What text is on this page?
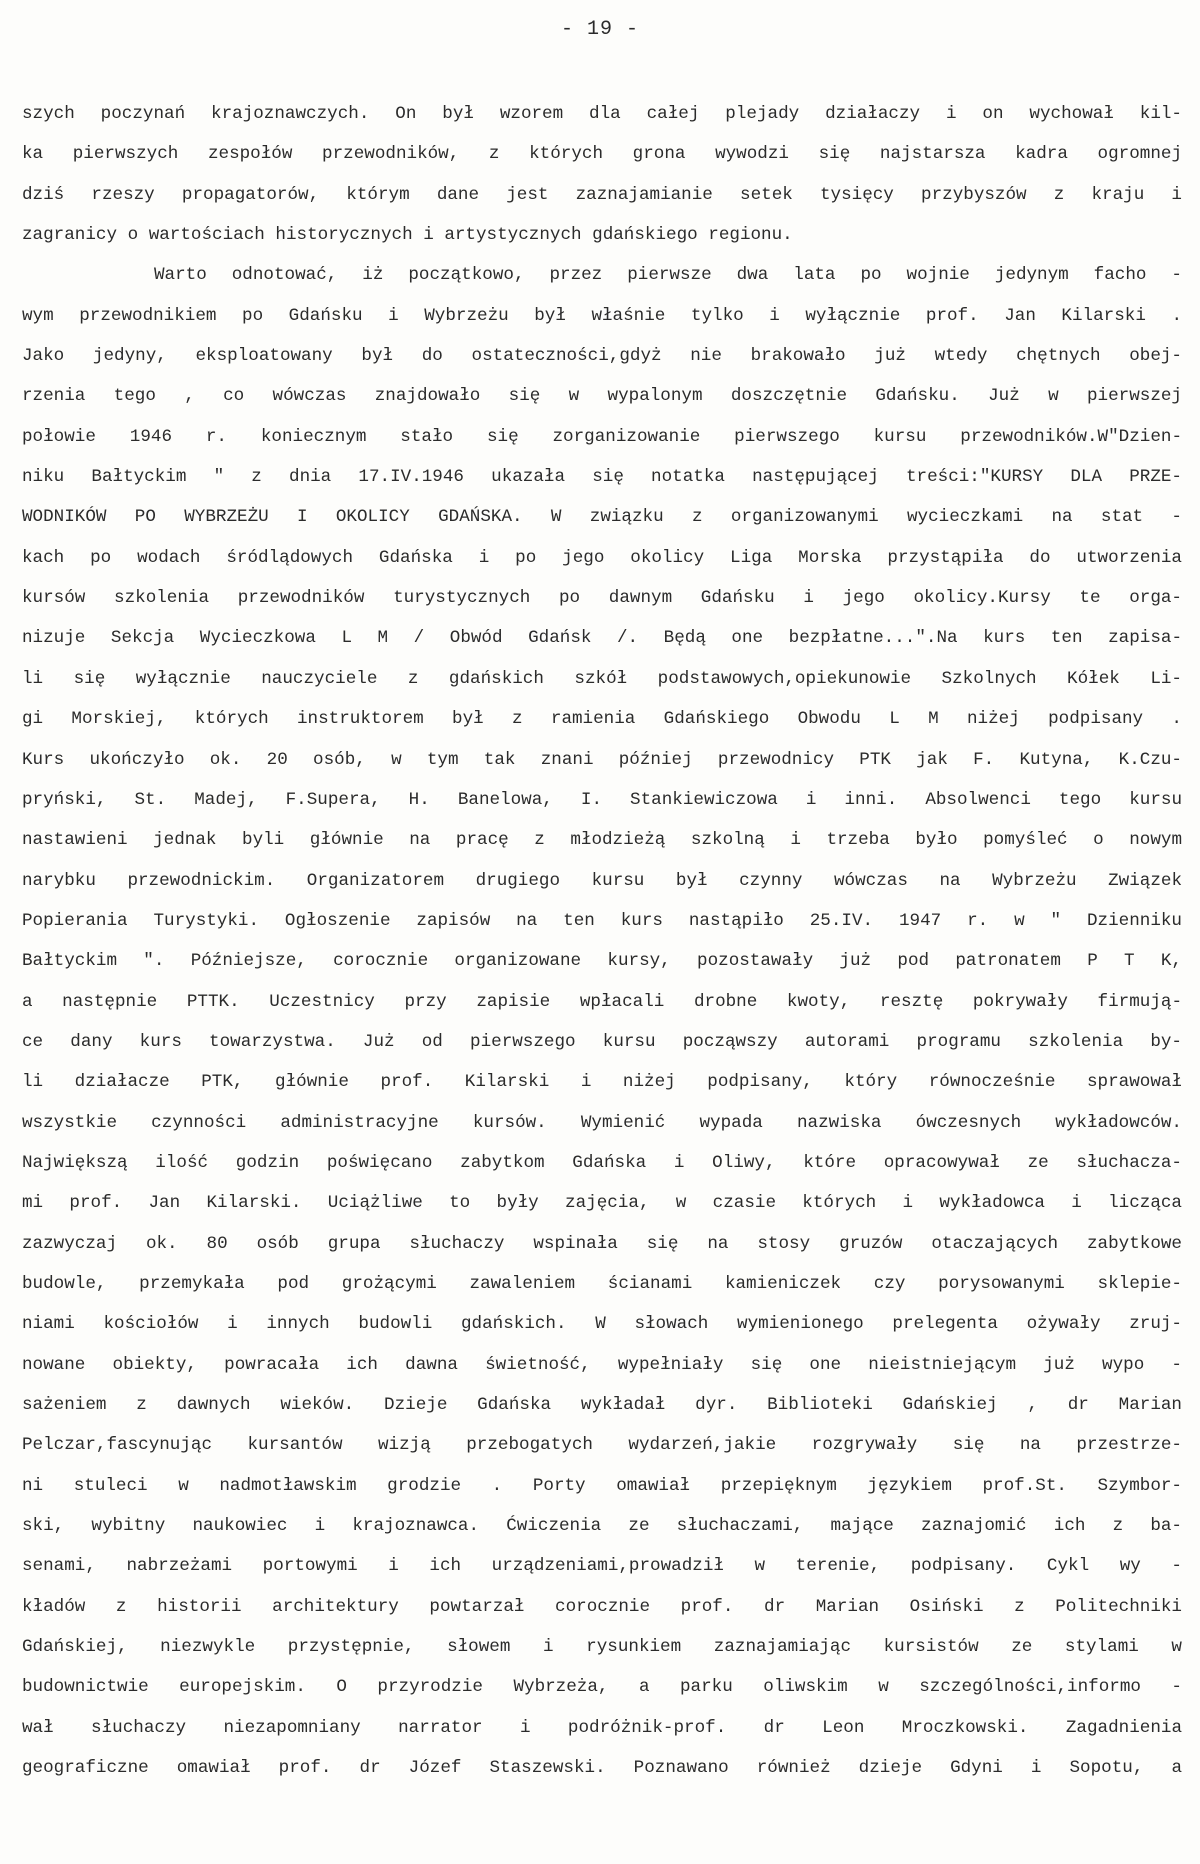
- 19 -
szych poczynań krajoznawczych. On był wzorem dla całej plejady działaczy i on wychował kil-
ka pierwszych zespołów przewodników, z których grona wywodzi się najstarsza kadra ogromnej
dziś rzeszy propagatorów, którym dane jest zaznajamianie setek tysięcy przybyszów z kraju i
zagranicy o wartościach historycznych i artystycznych gdańskiego regionu.
Warto odnotować, iż początkowo, przez pierwsze dwa lata po wojnie jedynym facho -
wym przewodnikiem po Gdańsku i Wybrzeżu był właśnie tylko i wyłącznie prof. Jan Kilarski .
Jako jedyny, eksploatowany był do ostateczności,gdyż nie brakowało już wtedy chętnych obej-
rzenia tego , co wówczas znajdowało się w wypalonym doszczętnie Gdańsku. Już w pierwszej
połowie 1946 r. koniecznym stało się zorganizowanie pierwszego kursu przewodników.W"Dzien-
niku Bałtyckim " z dnia 17.IV.1946 ukazała się notatka następującej treści:"KURSY DLA PRZE-
WODNIKÓW PO WYBRZEŻU I OKOLICY GDAŃSKA. W związku z organizowanymi wycieczkami na stat -
kach po wodach śródlądowych Gdańska i po jego okolicy Liga Morska przystąpiła do utworzenia
kursów szkolenia przewodników turystycznych po dawnym Gdańsku i jego okolicy.Kursy te orga-
nizuje Sekcja Wycieczkowa L M / Obwód Gdańsk /. Będą one bezpłatne...".Na kurs ten zapisa-
li się wyłącznie nauczyciele z gdańskich szkół podstawowych,opiekunowie Szkolnych Kółek Li-
gi Morskiej, których instruktorem był z ramienia Gdańskiego Obwodu L M niżej podpisany .
Kurs ukończyło ok. 20 osób, w tym tak znani później przewodnicy PTK jak F. Kutyna, K.Czu-
pryński, St. Madej, F.Supera, H. Banelowa, I. Stankiewiczowa i inni. Absolwenci tego kursu
nastawieni jednak byli głównie na pracę z młodzieżą szkolną i trzeba było pomyśleć o nowym
narybku przewodnickim. Organizatorem drugiego kursu był czynny wówczas na Wybrzeżu Związek
Popierania Turystyki. Ogłoszenie zapisów na ten kurs nastąpiło 25.IV. 1947 r. w " Dzienniku
Bałtyckim ". Późniejsze, corocznie organizowane kursy, pozostawały już pod patronatem P T K,
a następnie PTTK. Uczestnicy przy zapisie wpłacali drobne kwoty, resztę pokrywały firmują-
ce dany kurs towarzystwa. Już od pierwszego kursu począwszy autorami programu szkolenia by-
li działacze PTK, głównie prof. Kilarski i niżej podpisany, który równocześnie sprawował
wszystkie czynności administracyjne kursów. Wymienić wypada nazwiska ówczesnych wykładowców.
Największą ilość godzin poświęcano zabytkom Gdańska i Oliwy, które opracowywał ze słuchacza-
mi prof. Jan Kilarski. Uciążliwe to były zajęcia, w czasie których i wykładowca i licząca
zazwyczaj ok. 80 osób grupa słuchaczy wspinała się na stosy gruzów otaczających zabytkowe
budowle, przemykała pod grożącymi zawaleniem ścianami kamieniczek czy porysowanymi sklepie-
niami kościołów i innych budowli gdańskich. W słowach wymienionego prelegenta ożywały zruj-
nowane obiekty, powracała ich dawna świetność, wypełniały się one nieistniejącym już wypo -
sażeniem z dawnych wieków. Dzieje Gdańska wykładał dyr. Biblioteki Gdańskiej , dr Marian
Pelczar,fascynując kursantów wizją przebogatych wydarzeń,jakie rozgrywały się na przestrze-
ni stuleci w nadmotławskim grodzie . Porty omawiał przepięknym językiem prof.St. Szymbor-
ski, wybitny naukowiec i krajoznawca. Ćwiczenia ze słuchaczami, mające zaznajomić ich z ba-
senami, nabrzeżami portowymi i ich urządzeniami,prowadził w terenie, podpisany. Cykl wy -
kładów z historii architektury powtarzał corocznie prof. dr Marian Osiński z Politechniki
Gdańskiej, niezwykle przystępnie, słowem i rysunkiem zaznajamiając kursistów ze stylami w
budownictwie europejskim. O przyrodzie Wybrzeża, a parku oliwskim w szczególności,informo -
wał słuchaczy niezapomniany narrator i podróżnik-prof. dr Leon Mroczkowski. Zagadnienia
geograficzne omawiał prof. dr Józef Staszewski. Poznawano również dzieje Gdyni i Sopotu, a
